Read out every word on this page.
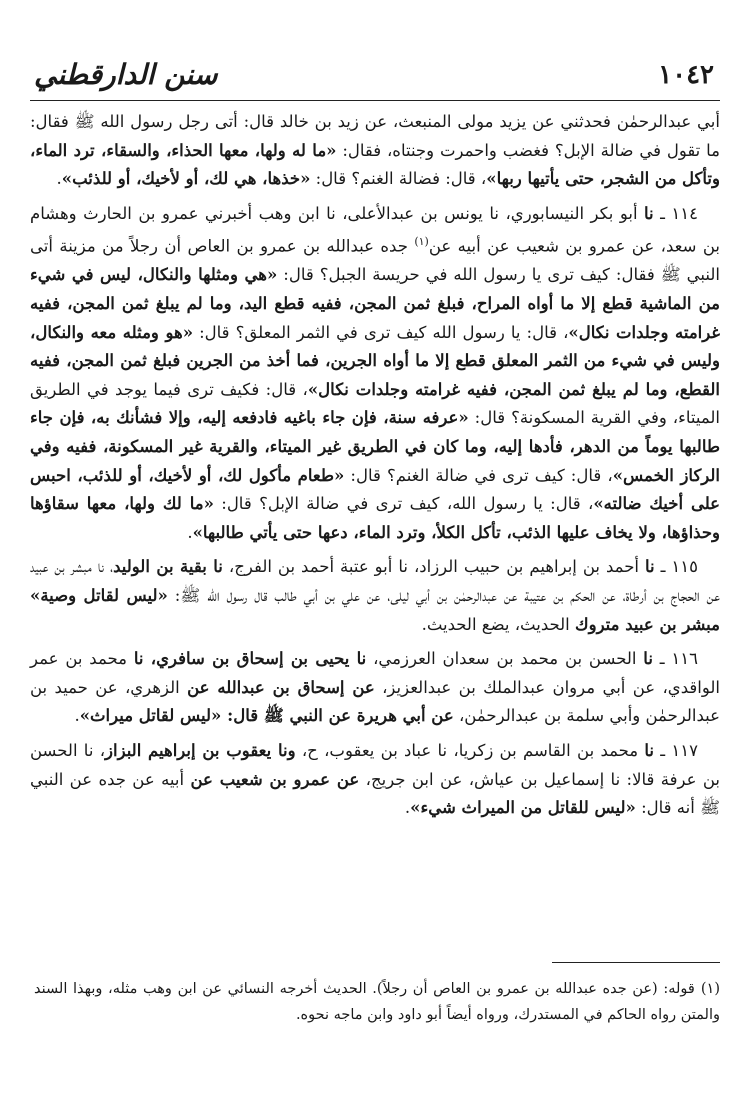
١٠٤٢
سنن الدارقطني

أبي عبدالرحمٰن فحدثني عن يزيد مولى المنبعث، عن زيد بن خالد قال: أتى رجل رسول الله ﷺ فقال: ما تقول في ضالة الإبل؟ فغضب واحمرت وجنتاه، فقال: «ما له ولها، معها الحذاء، والسقاء، ترد الماء، وتأكل من الشجر، حتى يأتيها ربها»، قال: فضالة الغنم؟ قال: «خذها، هي لك، أو لأخيك، أو للذئب».

١١٤ ـ نا أبو بكر النيسابوري، نا يونس بن عبدالأعلى، نا ابن وهب أخبرني عمرو بن الحارث وهشام بن سعد، عن عمرو بن شعيب عن أبيه عن$^{(١)}$ جده عبدالله بن عمرو بن العاص أن رجلاً من مزينة أتى النبي ﷺ فقال: كيف ترى يا رسول الله في حريسة الجبل؟ قال: «هي ومثلها والنكال، ليس في شيء من الماشية قطع إلا ما أواه المراح، فبلغ ثمن المجن، ففيه قطع اليد، وما لم يبلغ ثمن المجن، ففيه غرامته وجلدات نكال»، قال: يا رسول الله كيف ترى في الثمر المعلق؟ قال: «هو ومثله معه والنكال، وليس في شيء من الثمر المعلق قطع إلا ما أواه الجرين، فما أخذ من الجرين فبلغ ثمن المجن، ففيه القطع، وما لم يبلغ ثمن المجن، ففيه غرامته وجلدات نكال»، قال: فكيف ترى فيما يوجد في الطريق الميتاء، وفي القرية المسكونة؟ قال: «عرفه سنة، فإن جاء باغيه فادفعه إليه، وإلا فشأنك به، فإن جاء طالبها يوماً من الدهر، فأدها إليه، وما كان في الطريق غير الميتاء، والقرية غير المسكونة، ففيه وفي الركاز الخمس»، قال: كيف ترى في ضالة الغنم؟ قال: «طعام مأكول لك، أو لأخيك، أو للذئب، احبس على أخيك ضالته»، قال: يا رسول الله، كيف ترى في ضالة الإبل؟ قال: «ما لك ولها، معها سقاؤها وحذاؤها، ولا يخاف عليها الذئب، تأكل الكلأ، وترد الماء، دعها حتى يأتي طالبها».

١١٥ ـ نا أحمد بن إبراهيم بن حبيب الرزاد، نا أبو عتبة أحمد بن الفرج، نا بقية بن الوليد، نا مبشر بن عبيد عن الحجاج بن أرطاة، عن الحكم بن عتيبة عن عبدالرحمٰن بن أبي ليلى، عن علي بن أبي طالب قال رسول الله ﷺ: «ليس لقاتل وصية» مبشر بن عبيد متروك الحديث، يضع الحديث.

١١٦ ـ نا الحسن بن محمد بن سعدان العرزمي، نا يحيى بن إسحاق بن سافري، نا محمد بن عمر الواقدي، عن أبي مروان عبدالملك بن عبدالعزيز، عن إسحاق بن عبدالله عن الزهري، عن حميد بن عبدالرحمٰن وأبي سلمة بن عبدالرحمٰن، عن أبي هريرة عن النبي ﷺ قال: «ليس لقاتل ميراث».

١١٧ ـ نا محمد بن القاسم بن زكريا، نا عباد بن يعقوب، ح، ونا يعقوب بن إبراهيم البزاز، نا الحسن بن عرفة قالا: نا إسماعيل بن عياش، عن ابن جريج، عن عمرو بن شعيب عن أبيه عن جده عن النبي ﷺ أنه قال: «ليس للقاتل من الميراث شيء».

(١)قوله: (عن جده عبدالله بن عمرو بن العاص أن رجلاً). الحديث أخرجه النسائي عن ابن وهب مثله، وبهذا السند والمتن رواه الحاكم في المستدرك، ورواه أيضاً أبو داود وابن ماجه نحوه.
